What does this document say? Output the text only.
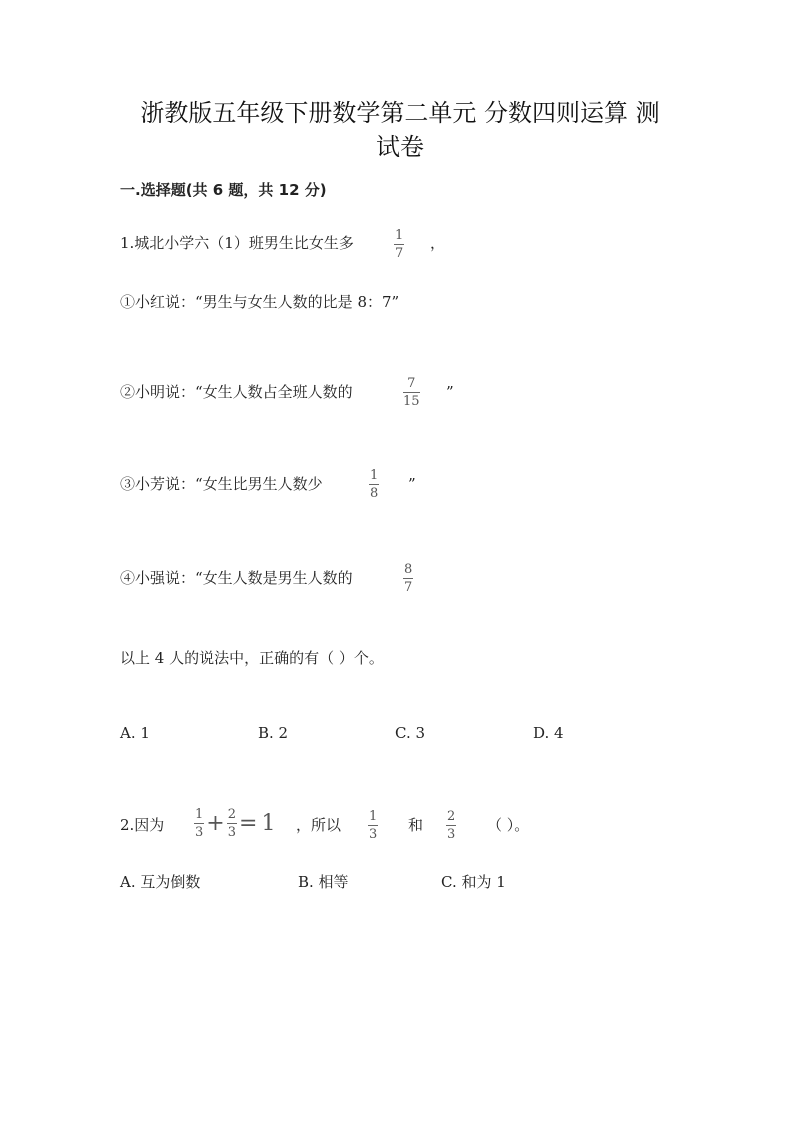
浙教版五年级下册数学第二单元 分数四则运算 测
试卷
一.选择题(共 6 题，共 12 分)
1.城北小学六（1）班男生比女生多	1
7
，
①小红说：“男生与女生人数的比是 8：7”
②小明说：“女生人数占全班人数的	7
15
”
③小芳说：“女生比男生人数少	1
8
”
④小强说：“女生人数是男生人数的	8
7
以上 4 人的说法中，正确的有（ ）个。
A. 1	B. 2	C. 3	D. 4
2.因为 $\frac{1}{3} + \frac{2}{3} = 1$ ，所以 1
3
和 2
3
（ ）。
A. 互为倒数	B. 相等	C. 和为 1
